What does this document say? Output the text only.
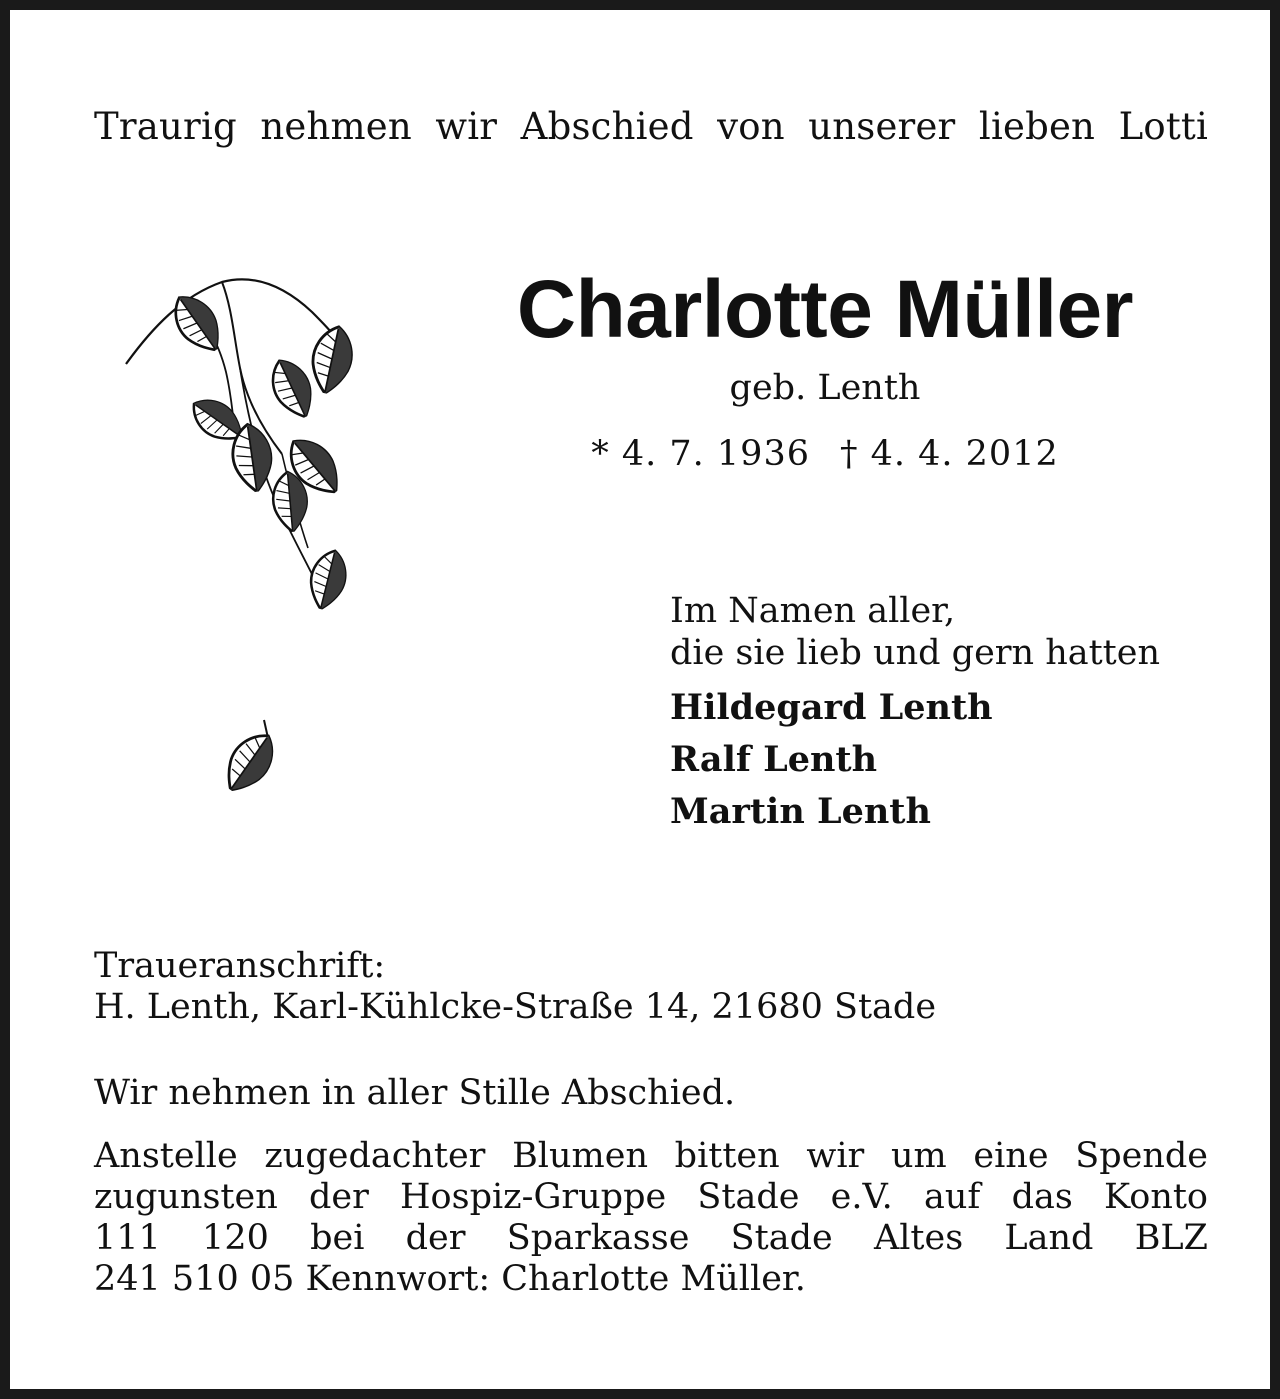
Traurig nehmen wir Abschied von unserer lieben Lotti

Charlotte Müller

geb. Lenth

* 4. 7. 1936 † 4. 4. 2012

Im Namen aller,
die sie lieb und gern hatten
Hildegard Lenth
Ralf Lenth
Martin Lenth
Traueranschrift:
H. Lenth, Karl-Kühlcke-Straße 14, 21680 Stade

Wir nehmen in aller Stille Abschied.

Anstelle zugedachter Blumen bitten wir um eine Spende
zugunsten der Hospiz-Gruppe Stade e.V. auf das Konto
111 120 bei der Sparkasse Stade Altes Land BLZ
241 510 05 Kennwort: Charlotte Müller.
